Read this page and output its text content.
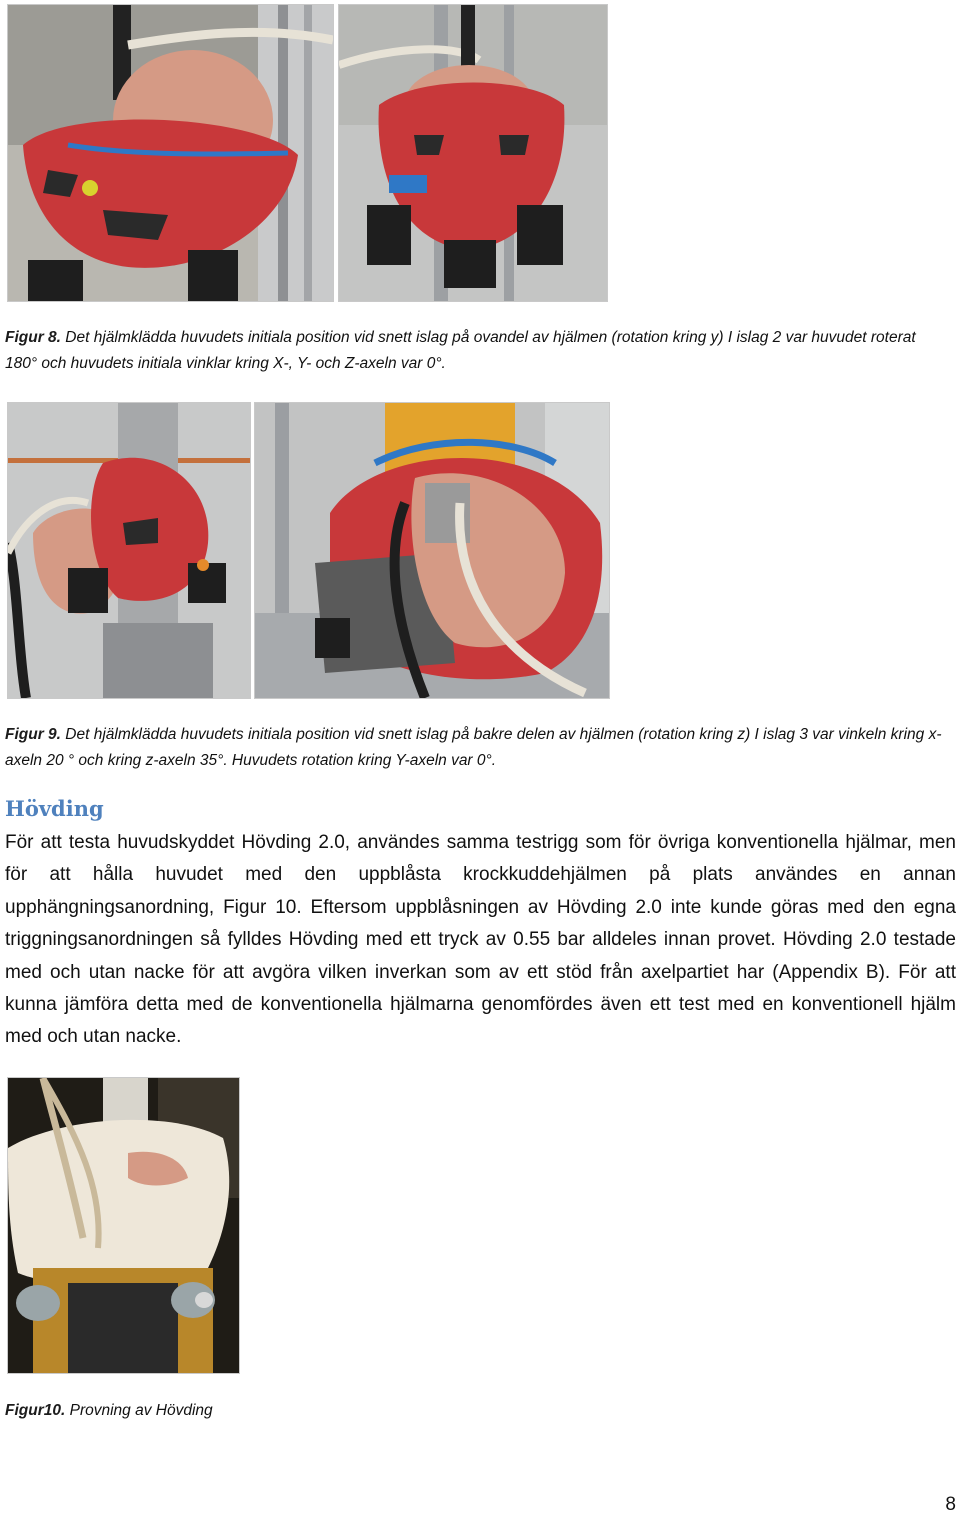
Figur 8. Det hjälmklädda huvudets initiala position vid snett islag på ovandel av hjälmen (rotation kring y) I islag 2 var huvudet roterat 180° och huvudets initiala vinklar kring X-, Y- och Z-axeln var 0°.
Figur 9. Det hjälmklädda huvudets initiala position vid snett islag på bakre delen av hjälmen (rotation kring z) I islag 3 var vinkeln kring x-axeln 20 ° och kring z-axeln 35°. Huvudets rotation kring Y-axeln var 0°.
Hövding
För att testa huvudskyddet Hövding 2.0, användes samma testrigg som för övriga konventionella hjälmar, men för att hålla huvudet med den uppblåsta krockkuddehjälmen på plats användes en annan upphängningsanordning, Figur 10. Eftersom uppblåsningen av Hövding 2.0 inte kunde göras med den egna triggningsanordningen så fylldes Hövding med ett tryck av 0.55 bar alldeles innan provet. Hövding 2.0 testade med och utan nacke för att avgöra vilken inverkan som av ett stöd från axelpartiet har (Appendix B). För att kunna jämföra detta med de konventionella hjälmarna genomfördes även ett test med en konventionell hjälm med och utan nacke.
Figur10. Provning av Hövding
8
